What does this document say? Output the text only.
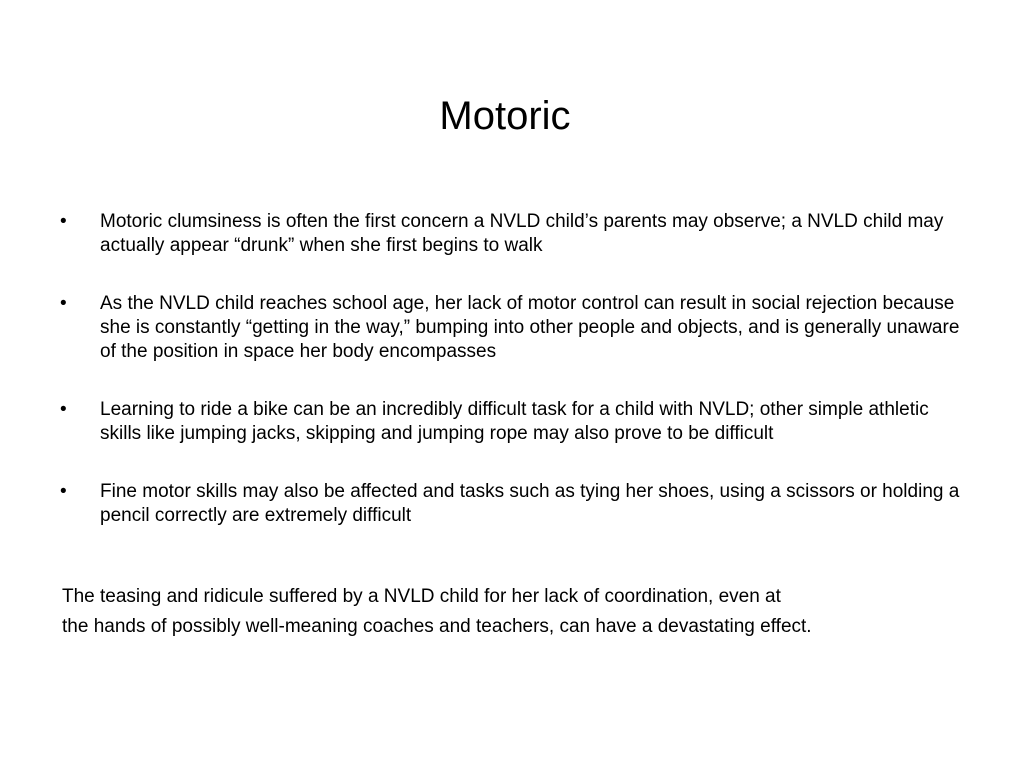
Motoric
•	Motoric clumsiness is often the first concern a NVLD child’s parents may observe; a NVLD child may actually appear “drunk” when she first begins to walk
•	As the NVLD child reaches school age, her lack of motor control can result in social rejection because she is constantly “getting in the way,” bumping into other people and objects, and is generally unaware of the position in space her body encompasses
•	Learning to ride a bike can be an incredibly difficult task for a child with NVLD; other simple athletic skills like jumping jacks, skipping and jumping rope may also prove to be difficult
•	Fine motor skills may also be affected and tasks such as tying her shoes, using a scissors or holding a pencil correctly are extremely difficult

The teasing and ridicule suffered by a NVLD child for her lack of coordination, even at
the hands of possibly well-meaning coaches and teachers, can have a devastating effect.
